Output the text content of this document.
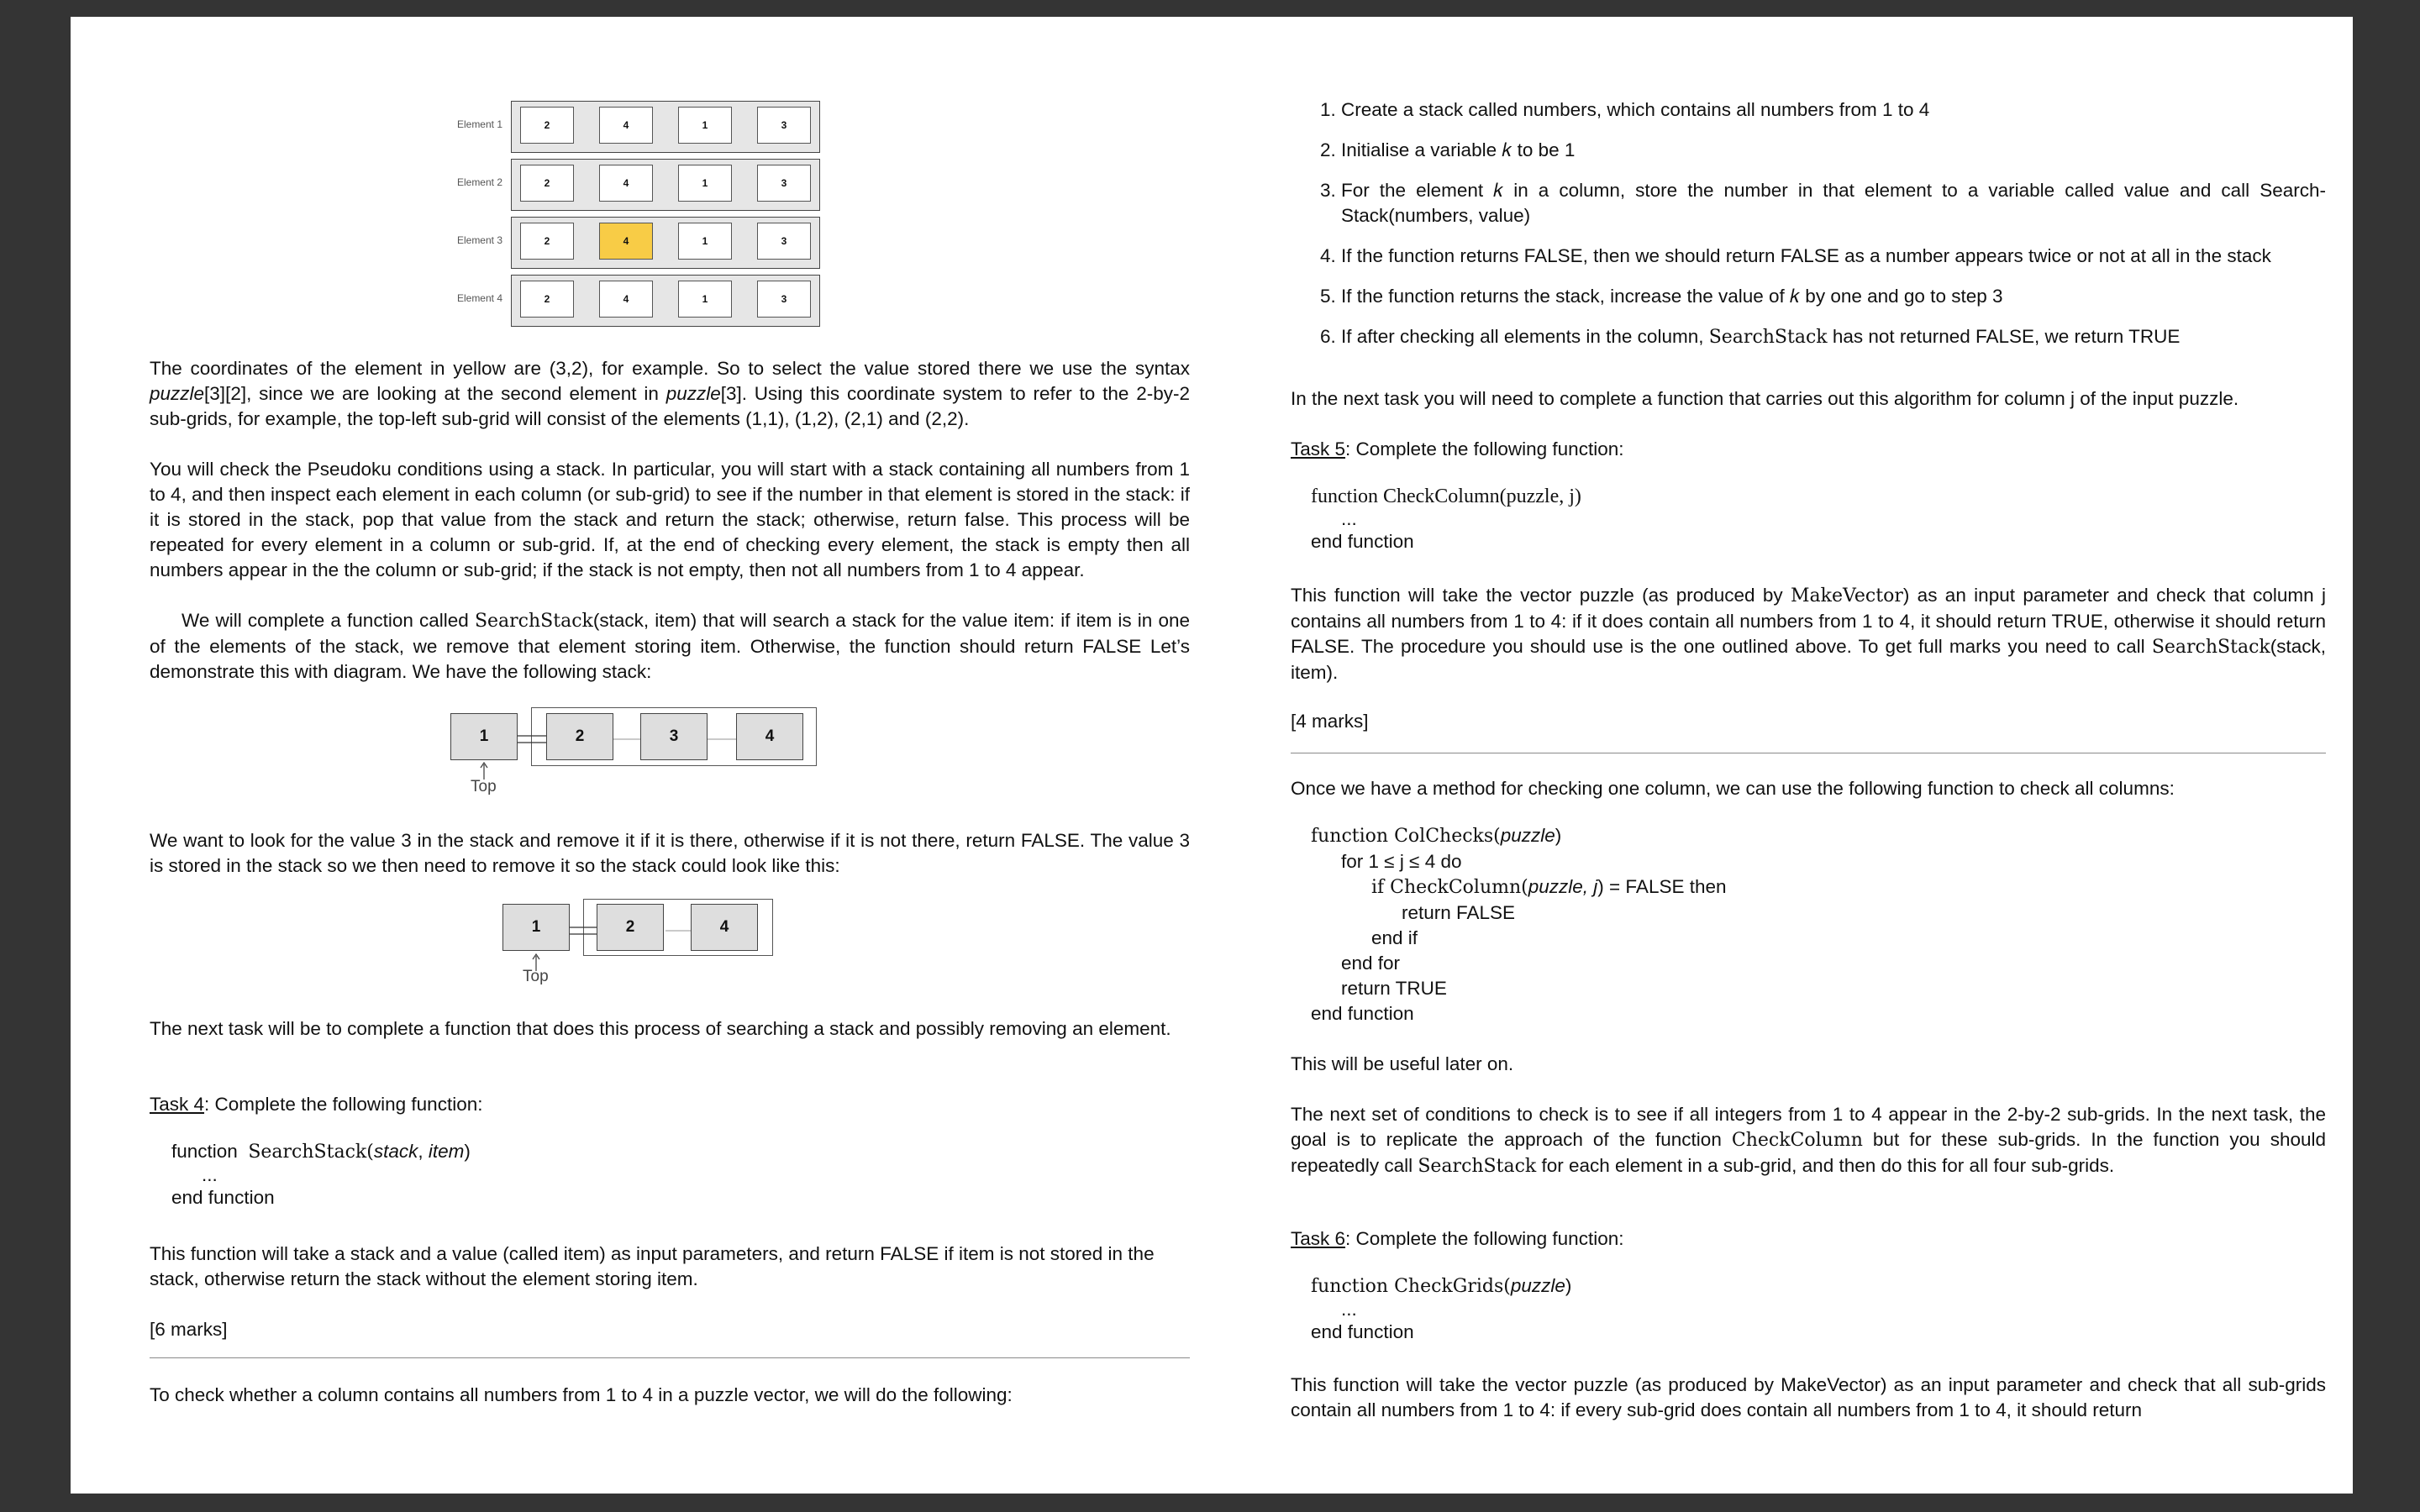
Element 1	2	4	1	3
Element 2	2	4	1	3
Element 3	2	4	1	3
Element 4	2	4	1	3

The coordinates of the element in yellow are (3,2), for example. So to select the value stored there we use the syntax puzzle[3][2], since we are looking at the second element in puzzle[3]. Using this coordinate system to refer to the 2-by-2 sub-grids, for example, the top-left sub-grid will consist of the elements (1,1), (1,2), (2,1) and (2,2).

You will check the Pseudoku conditions using a stack. In particular, you will start with a stack containing all numbers from 1 to 4, and then inspect each element in each column (or sub-grid) to see if the number in that element is stored in the stack: if it is stored in the stack, pop that value from the stack and return the stack; otherwise, return false. This process will be repeated for every element in a column or sub-grid. If, at the end of checking every element, the stack is empty then all numbers appear in the the column or sub-grid; if the stack is not empty, then not all numbers from 1 to 4 appear.

We will complete a function called SearchStack(stack, item) that will search a stack for the value item: if item is in one of the elements of the stack, we remove that element storing item. Otherwise, the function should return FALSE Let’s demonstrate this with diagram. We have the following stack:

1	2	3	4
Top

We want to look for the value 3 in the stack and remove it if it is there, otherwise if it is not there, return FALSE. The value 3 is stored in the stack so we then need to remove it so the stack could look like this:

1	2	4
Top

The next task will be to complete a function that does this process of searching a stack and possibly removing an element.

Task 4: Complete the following function:
function SearchStack(stack, item)
...
end function

This function will take a stack and a value (called item) as input parameters, and return FALSE if item is not stored in the stack, otherwise return the stack without the element storing item.

[6 marks]

To check whether a column contains all numbers from 1 to 4 in a puzzle vector, we will do the following:

1. Create a stack called numbers, which contains all numbers from 1 to 4
2. Initialise a variable 𝑘 to be 1
3. For the element 𝑘 in a column, store the number in that element to a variable called value and call Search-Stack(numbers, value)
4. If the function returns FALSE, then we should return FALSE as a number appears twice or not at all in the stack
5. If the function returns the stack, increase the value of 𝑘 by one and go to step 3
6. If after checking all elements in the column, SearchStack has not returned FALSE, we return TRUE

In the next task you will need to complete a function that carries out this algorithm for column j of the input puzzle.

Task 5: Complete the following function:
function CheckColumn(puzzle, j)
...
end function

This function will take the vector puzzle (as produced by MakeVector) as an input parameter and check that column j contains all numbers from 1 to 4: if it does contain all numbers from 1 to 4, it should return TRUE, otherwise it should return FALSE. The procedure you should use is the one outlined above. To get full marks you need to call SearchStack(stack, item).

[4 marks]

Once we have a method for checking one column, we can use the following function to check all columns:

function ColChecks(puzzle)
for 1 ≤ j ≤ 4 do
if CheckColumn(puzzle, j) = FALSE then
return FALSE
end if
end for
return TRUE
end function

This will be useful later on.

The next set of conditions to check is to see if all integers from 1 to 4 appear in the 2-by-2 sub-grids. In the next task, the goal is to replicate the approach of the function CheckColumn but for these sub-grids. In the function you should repeatedly call SearchStack for each element in a sub-grid, and then do this for all four sub-grids.

Task 6: Complete the following function:
function CheckGrids(puzzle)
...
end function

This function will take the vector puzzle (as produced by MakeVector) as an input parameter and check that all sub-grids contain all numbers from 1 to 4: if every sub-grid does contain all numbers from 1 to 4, it should return
